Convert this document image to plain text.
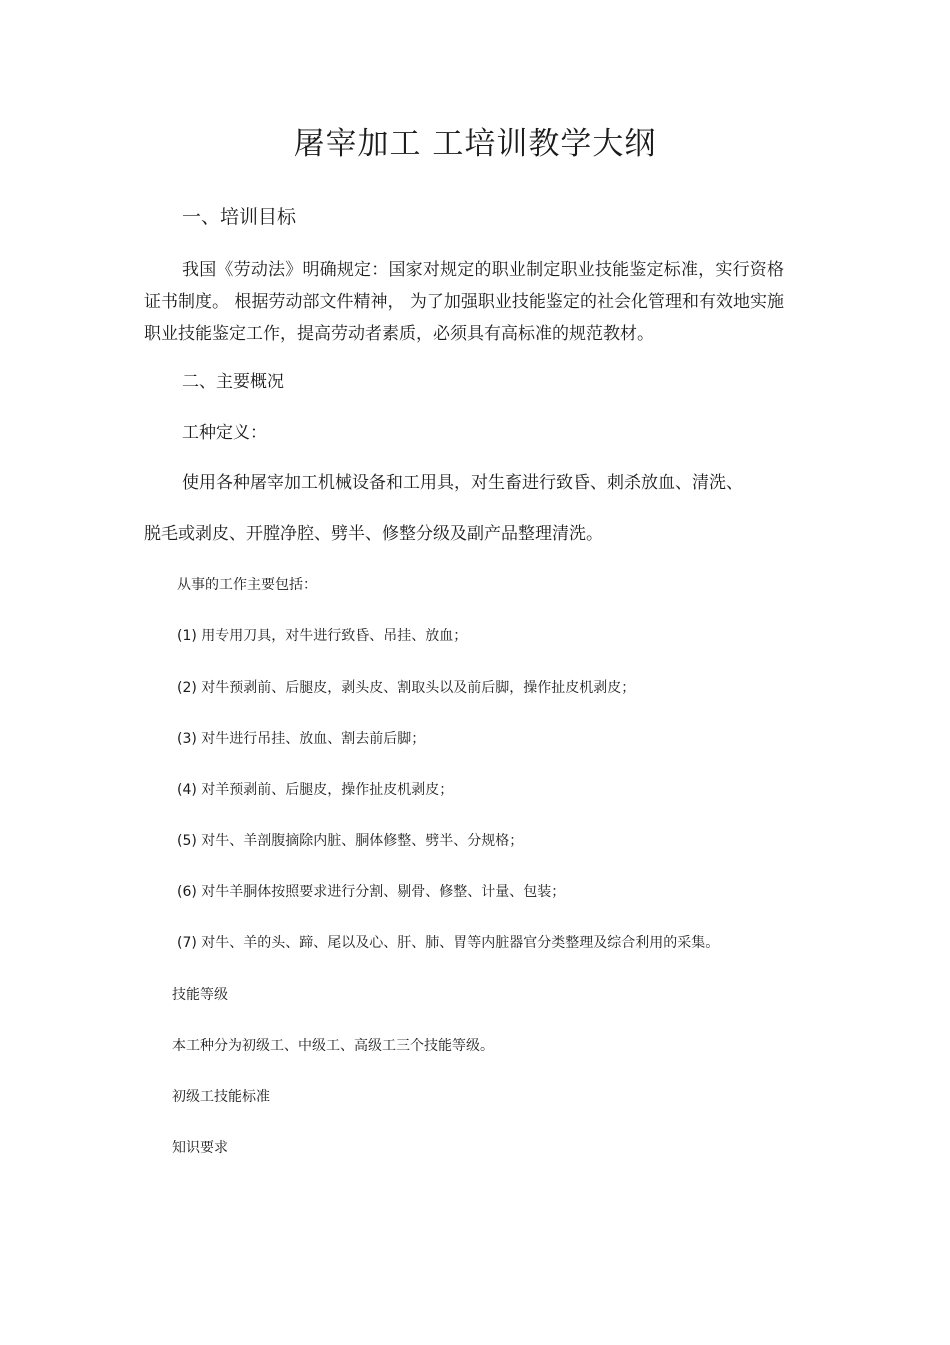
屠宰加工 工培训教学大纲
一、培训目标
我国《劳动法》明确规定：国家对规定的职业制定职业技能鉴定标准，实行资格证书制度。 根据劳动部文件精神， 为了加强职业技能鉴定的社会化管理和有效地实施职业技能鉴定工作，提高劳动者素质，必须具有高标准的规范教材。
二、主要概况
工种定义：
使用各种屠宰加工机械设备和工用具，对生畜进行致昏、刺杀放血、清洗、
脱毛或剥皮、开膛净腔、劈半、修整分级及副产品整理清洗。
从事的工作主要包括：
(1) 用专用刀具，对牛进行致昏、吊挂、放血；
(2) 对牛预剥前、后腿皮，剥头皮、割取头以及前后脚，操作扯皮机剥皮；
(3) 对牛进行吊挂、放血、割去前后脚；
(4) 对羊预剥前、后腿皮，操作扯皮机剥皮；
(5) 对牛、羊剖腹摘除内脏、胴体修整、劈半、分规格；
(6) 对牛羊胴体按照要求进行分割、剔骨、修整、计量、包装；
(7) 对牛、羊的头、蹄、尾以及心、肝、肺、胃等内脏器官分类整理及综合利用的采集。
技能等级
本工种分为初级工、中级工、高级工三个技能等级。
初级工技能标准
知识要求
